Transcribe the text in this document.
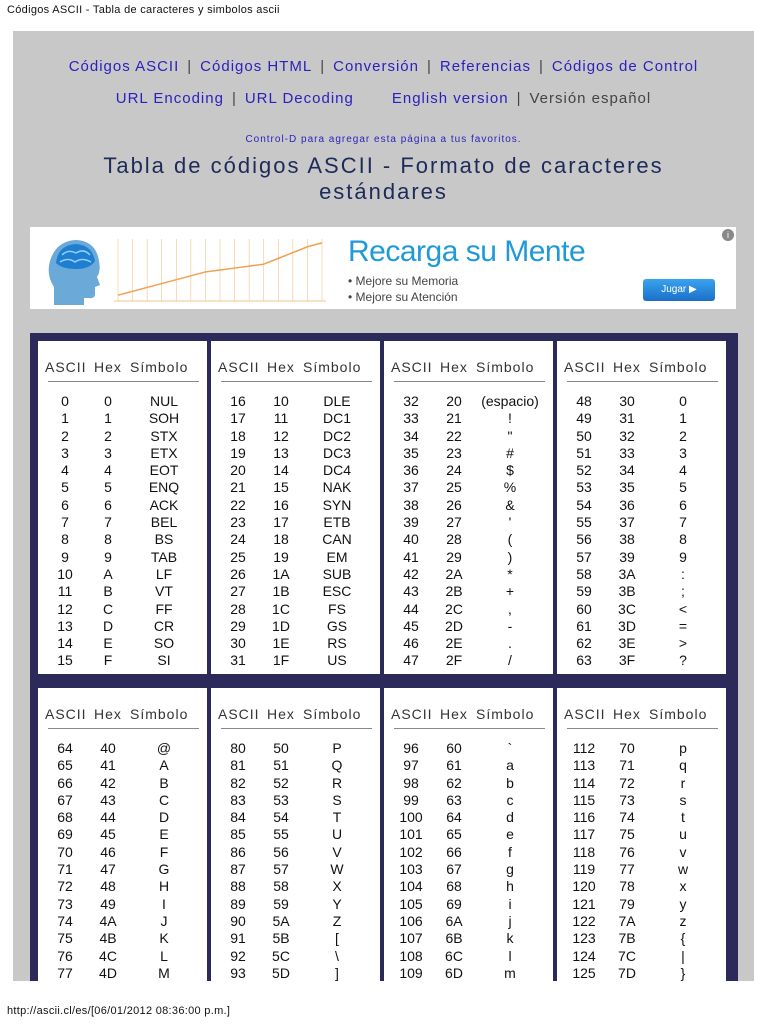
Códigos ASCII - Tabla de caracteres y simbolos ascii
Códigos ASCII | Códigos HTML | Conversión | Referencias | Códigos de Control
URL Encoding | URL Decoding	English version | Versión español
Control-D para agregar esta página a tus favoritos.
Tabla de códigos ASCII - Formato de caracteres estándares
Recarga su Mente
• Mejore su Memoria
• Mejore su Atención
Jugar ▶
i
ASCII Hex Símbolo
0	0	NUL
1	1	SOH
2	2	STX
3	3	ETX
4	4	EOT
5	5	ENQ
6	6	ACK
7	7	BEL
8	8	BS
9	9	TAB
10	A	LF
11	B	VT
12	C	FF
13	D	CR
14	E	SO
15	F	SI
ASCII Hex Símbolo
16	10	DLE
17	11	DC1
18	12	DC2
19	13	DC3
20	14	DC4
21	15	NAK
22	16	SYN
23	17	ETB
24	18	CAN
25	19	EM
26	1A	SUB
27	1B	ESC
28	1C	FS
29	1D	GS
30	1E	RS
31	1F	US
ASCII Hex Símbolo
32	20	(espacio)
33	21	!
34	22	"
35	23	#
36	24	$
37	25	%
38	26	&
39	27	'
40	28	(
41	29	)
42	2A	*
43	2B	+
44	2C	,
45	2D	-
46	2E	.
47	2F	/
ASCII Hex Símbolo
48	30	0
49	31	1
50	32	2
51	33	3
52	34	4
53	35	5
54	36	6
55	37	7
56	38	8
57	39	9
58	3A	:
59	3B	;
60	3C	<
61	3D	=
62	3E	>
63	3F	?
ASCII Hex Símbolo
64	40	@
65	41	A
66	42	B
67	43	C
68	44	D
69	45	E
70	46	F
71	47	G
72	48	H
73	49	I
74	4A	J
75	4B	K
76	4C	L
77	4D	M
ASCII Hex Símbolo
80	50	P
81	51	Q
82	52	R
83	53	S
84	54	T
85	55	U
86	56	V
87	57	W
88	58	X
89	59	Y
90	5A	Z
91	5B	[
92	5C	\
93	5D	]
ASCII Hex Símbolo
96	60	`
97	61	a
98	62	b
99	63	c
100	64	d
101	65	e
102	66	f
103	67	g
104	68	h
105	69	i
106	6A	j
107	6B	k
108	6C	l
109	6D	m
ASCII Hex Símbolo
112	70	p
113	71	q
114	72	r
115	73	s
116	74	t
117	75	u
118	76	v
119	77	w
120	78	x
121	79	y
122	7A	z
123	7B	{
124	7C	|
125	7D	}
http://ascii.cl/es/[06/01/2012 08:36:00 p.m.]
